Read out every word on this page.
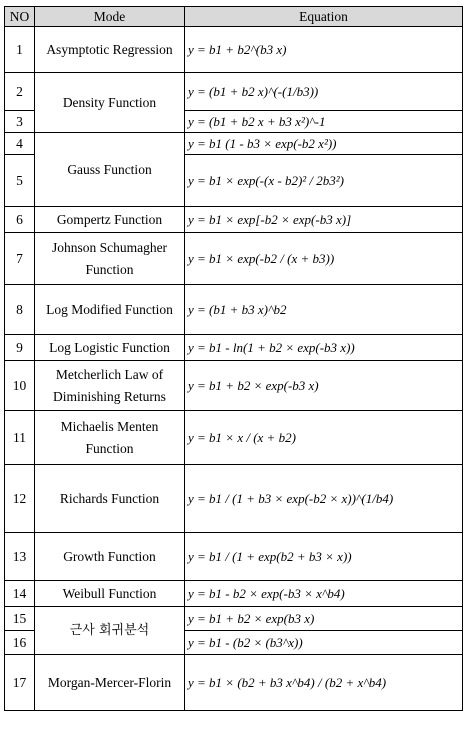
NO	Mode	Equation
1	Asymptotic Regression	y = b1 + b2^(b3 x)
2	Density Function	y = (b1 + b2 x)^(-(1/b3))
3		y = (b1 + b2 x + b3 x²)^-1
4	Gauss Function	y = b1 (1 - b3 × exp(-b2 x²))
5		y = b1 × exp(-(x - b2)² / 2b3²)
6	Gompertz Function	y = b1 × exp[-b2 × exp(-b3 x)]
7	Johnson Schumagher Function	y = b1 × exp(-b2 / (x + b3))
8	Log Modified Function	y = (b1 + b3 x)^b2
9	Log Logistic Function	y = b1 - ln(1 + b2 × exp(-b3 x))
10	Metcherlich Law of Diminishing Returns	y = b1 + b2 × exp(-b3 x)
11	Michaelis Menten Function	y = b1 × x / (x + b2)
12	Richards Function	y = b1 / (1 + b3 × exp(-b2 × x))^(1/b4)
13	Growth Function	y = b1 / (1 + exp(b2 + b3 × x))
14	Weibull Function	y = b1 - b2 × exp(-b3 × x^b4)
15	근사 회귀분석	y = b1 + b2 × exp(b3 x)
16		y = b1 - (b2 × (b3^x))
17	Morgan-Mercer-Florin	y = b1 × (b2 + b3 x^b4) / (b2 + x^b4)
